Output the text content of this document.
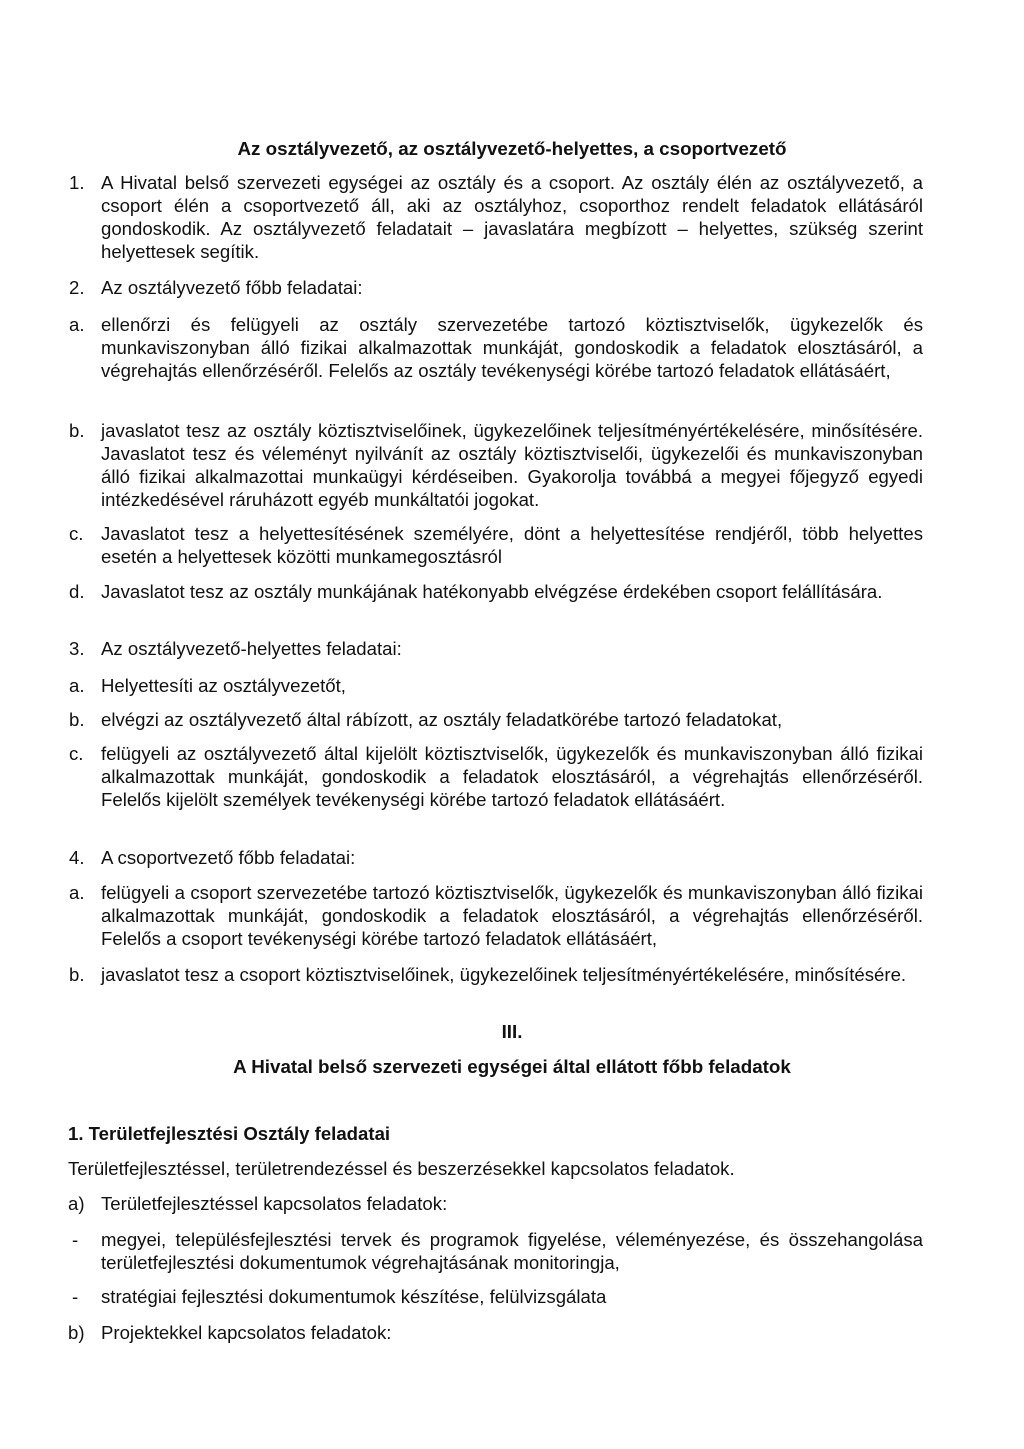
Az osztályvezető, az osztályvezető-helyettes, a csoportvezető
1. A Hivatal belső szervezeti egységei az osztály és a csoport. Az osztály élén az osztályvezető, a csoport élén a csoportvezető áll, aki az osztályhoz, csoporthoz rendelt feladatok ellátásáról gondoskodik. Az osztályvezető feladatait – javaslatára megbízott – helyettes, szükség szerint helyettesek segítik.

2. Az osztályvezető főbb feladatai:

a. ellenőrzi és felügyeli az osztály szervezetébe tartozó köztisztviselők, ügykezelők és munkaviszonyban álló fizikai alkalmazottak munkáját, gondoskodik a feladatok elosztásáról, a végrehajtás ellenőrzéséről. Felelős az osztály tevékenységi körébe tartozó feladatok ellátásáért,

b. javaslatot tesz az osztály köztisztviselőinek, ügykezelőinek teljesítményértékelésére, minősítésére. Javaslatot tesz és véleményt nyilvánít az osztály köztisztviselői, ügykezelői és munkaviszonyban álló fizikai alkalmazottai munkaügyi kérdéseiben. Gyakorolja továbbá a megyei főjegyző egyedi intézkedésével ráruházott egyéb munkáltatói jogokat.

c. Javaslatot tesz a helyettesítésének személyére, dönt a helyettesítése rendjéről, több helyettes esetén a helyettesek közötti munkamegosztásról

d. Javaslatot tesz az osztály munkájának hatékonyabb elvégzése érdekében csoport felállítására.

3. Az osztályvezető-helyettes feladatai:

a. Helyettesíti az osztályvezetőt,

b. elvégzi az osztályvezető által rábízott, az osztály feladatkörébe tartozó feladatokat,

c. felügyeli az osztályvezető által kijelölt köztisztviselők, ügykezelők és munkaviszonyban álló fizikai alkalmazottak munkáját, gondoskodik a feladatok elosztásáról, a végrehajtás ellenőrzéséről. Felelős kijelölt személyek tevékenységi körébe tartozó feladatok ellátásáért.

4. A csoportvezető főbb feladatai:

a. felügyeli a csoport szervezetébe tartozó köztisztviselők, ügykezelők és munkaviszonyban álló fizikai alkalmazottak munkáját, gondoskodik a feladatok elosztásáról, a végrehajtás ellenőrzéséről. Felelős a csoport tevékenységi körébe tartozó feladatok ellátásáért,

b. javaslatot tesz a csoport köztisztviselőinek, ügykezelőinek teljesítményértékelésére, minősítésére.

III.
A Hivatal belső szervezeti egységei által ellátott főbb feladatok
1. Területfejlesztési Osztály feladatai

Területfejlesztéssel, területrendezéssel és beszerzésekkel kapcsolatos feladatok.

a) Területfejlesztéssel kapcsolatos feladatok:

- megyei, településfejlesztési tervek és programok figyelése, véleményezése, és összehangolása területfejlesztési dokumentumok végrehajtásának monitoringja,

- stratégiai fejlesztési dokumentumok készítése, felülvizsgálata

b) Projektekkel kapcsolatos feladatok:
